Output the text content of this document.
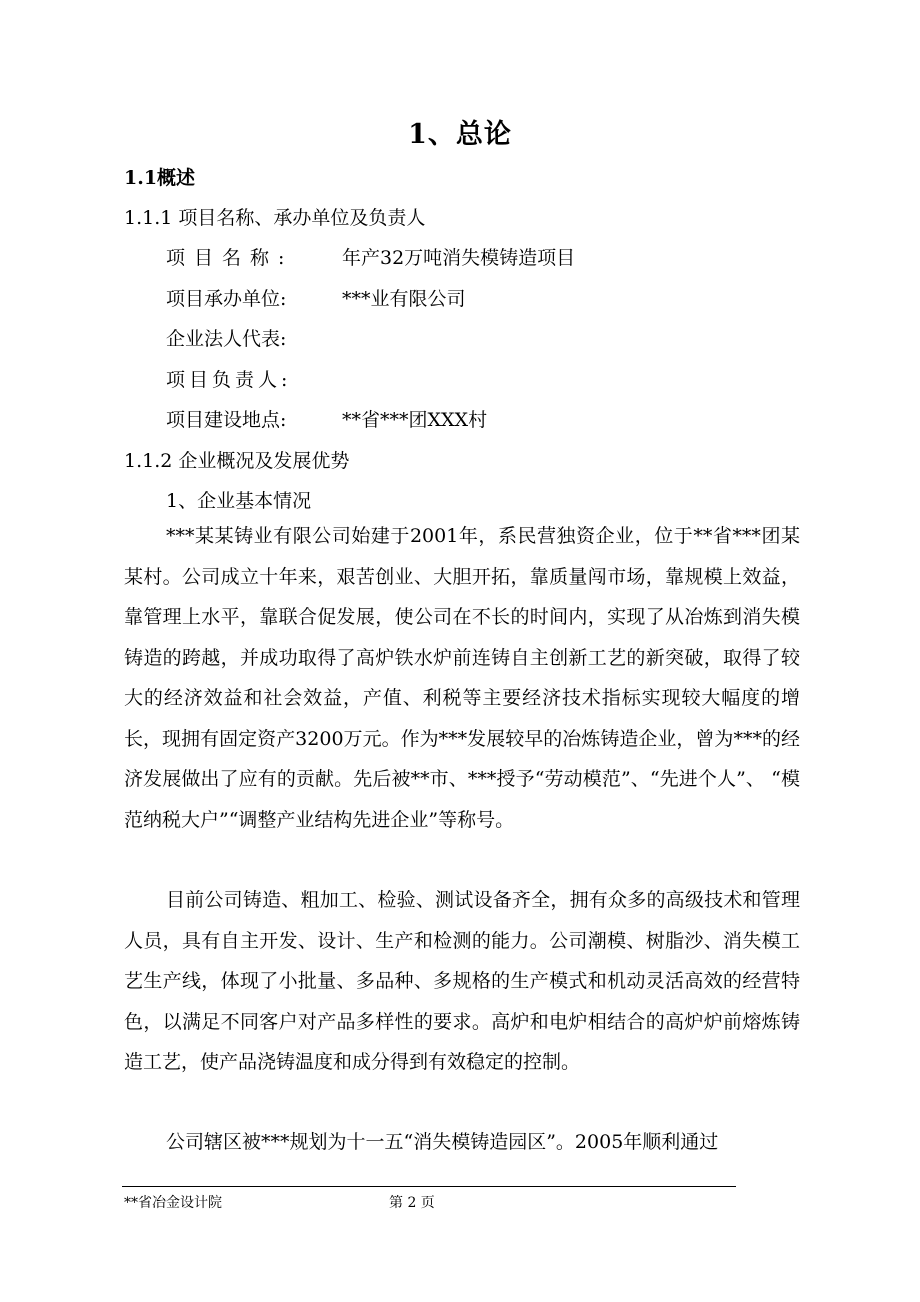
1、总论
1.1概述
1.1.1 项目名称、承办单位及负责人
项目名称:	年产32万吨消失模铸造项目
项目承办单位:	***业有限公司
企业法人代表:
项目负责人:
项目建设地点:	**省***团XXX村
1.1.2 企业概况及发展优势
1、企业基本情况

***某某铸业有限公司始建于2001年，系民营独资企业，位于**省***团某某村。公司成立十年来，艰苦创业、大胆开拓，靠质量闯市场，靠规模上效益，靠管理上水平，靠联合促发展，使公司在不长的时间内，实现了从冶炼到消失模铸造的跨越，并成功取得了高炉铁水炉前连铸自主创新工艺的新突破，取得了较大的经济效益和社会效益，产值、利税等主要经济技术指标实现较大幅度的增长，现拥有固定资产3200万元。作为***发展较早的冶炼铸造企业，曾为***的经济发展做出了应有的贡献。先后被**市、***授予“劳动模范”、“先进个人”、 “模范纳税大户”“调整产业结构先进企业”等称号。

目前公司铸造、粗加工、检验、测试设备齐全，拥有众多的高级技术和管理人员，具有自主开发、设计、生产和检测的能力。公司潮模、树脂沙、消失模工艺生产线，体现了小批量、多品种、多规格的生产模式和机动灵活高效的经营特色，以满足不同客户对产品多样性的要求。高炉和电炉相结合的高炉炉前熔炼铸造工艺，使产品浇铸温度和成分得到有效稳定的控制。

公司辖区被***规划为十一五“消失模铸造园区”。2005年顺利通过

**省冶金设计院	第 2 页
